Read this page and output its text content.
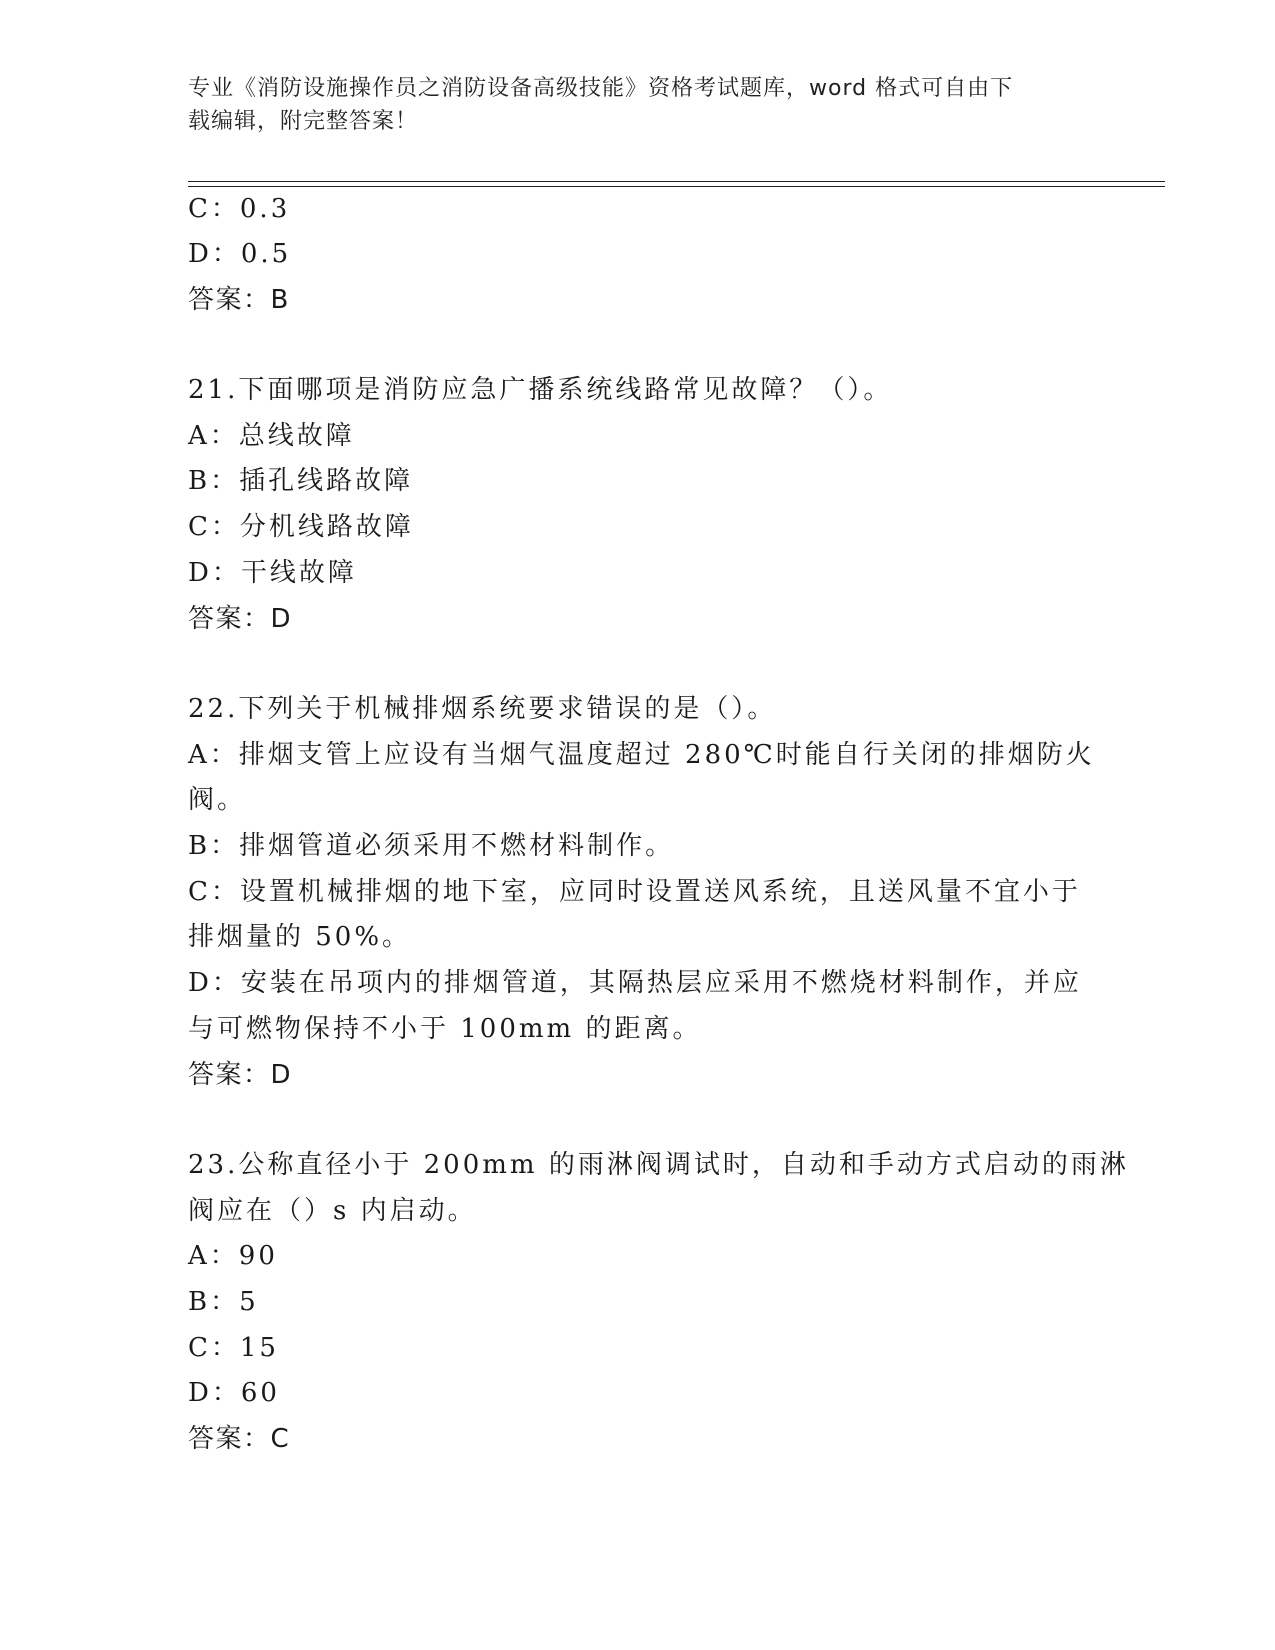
专业《消防设施操作员之消防设备高级技能》资格考试题库，word 格式可自由下
载编辑，附完整答案！
C：0.3
D：0.5
答案：B
21.下面哪项是消防应急广播系统线路常见故障？（）。
A：总线故障
B：插孔线路故障
C：分机线路故障
D：干线故障
答案：D
22.下列关于机械排烟系统要求错误的是（）。
A：排烟支管上应设有当烟气温度超过 280℃时能自行关闭的排烟防火
阀。
B：排烟管道必须采用不燃材料制作。
C：设置机械排烟的地下室，应同时设置送风系统，且送风量不宜小于
排烟量的 50%。
D：安装在吊项内的排烟管道，其隔热层应采用不燃烧材料制作，并应
与可燃物保持不小于 100mm 的距离。
答案：D
23.公称直径小于 200mm 的雨淋阀调试时，自动和手动方式启动的雨淋
阀应在（）s 内启动。
A：90
B：5
C：15
D：60
答案：C
